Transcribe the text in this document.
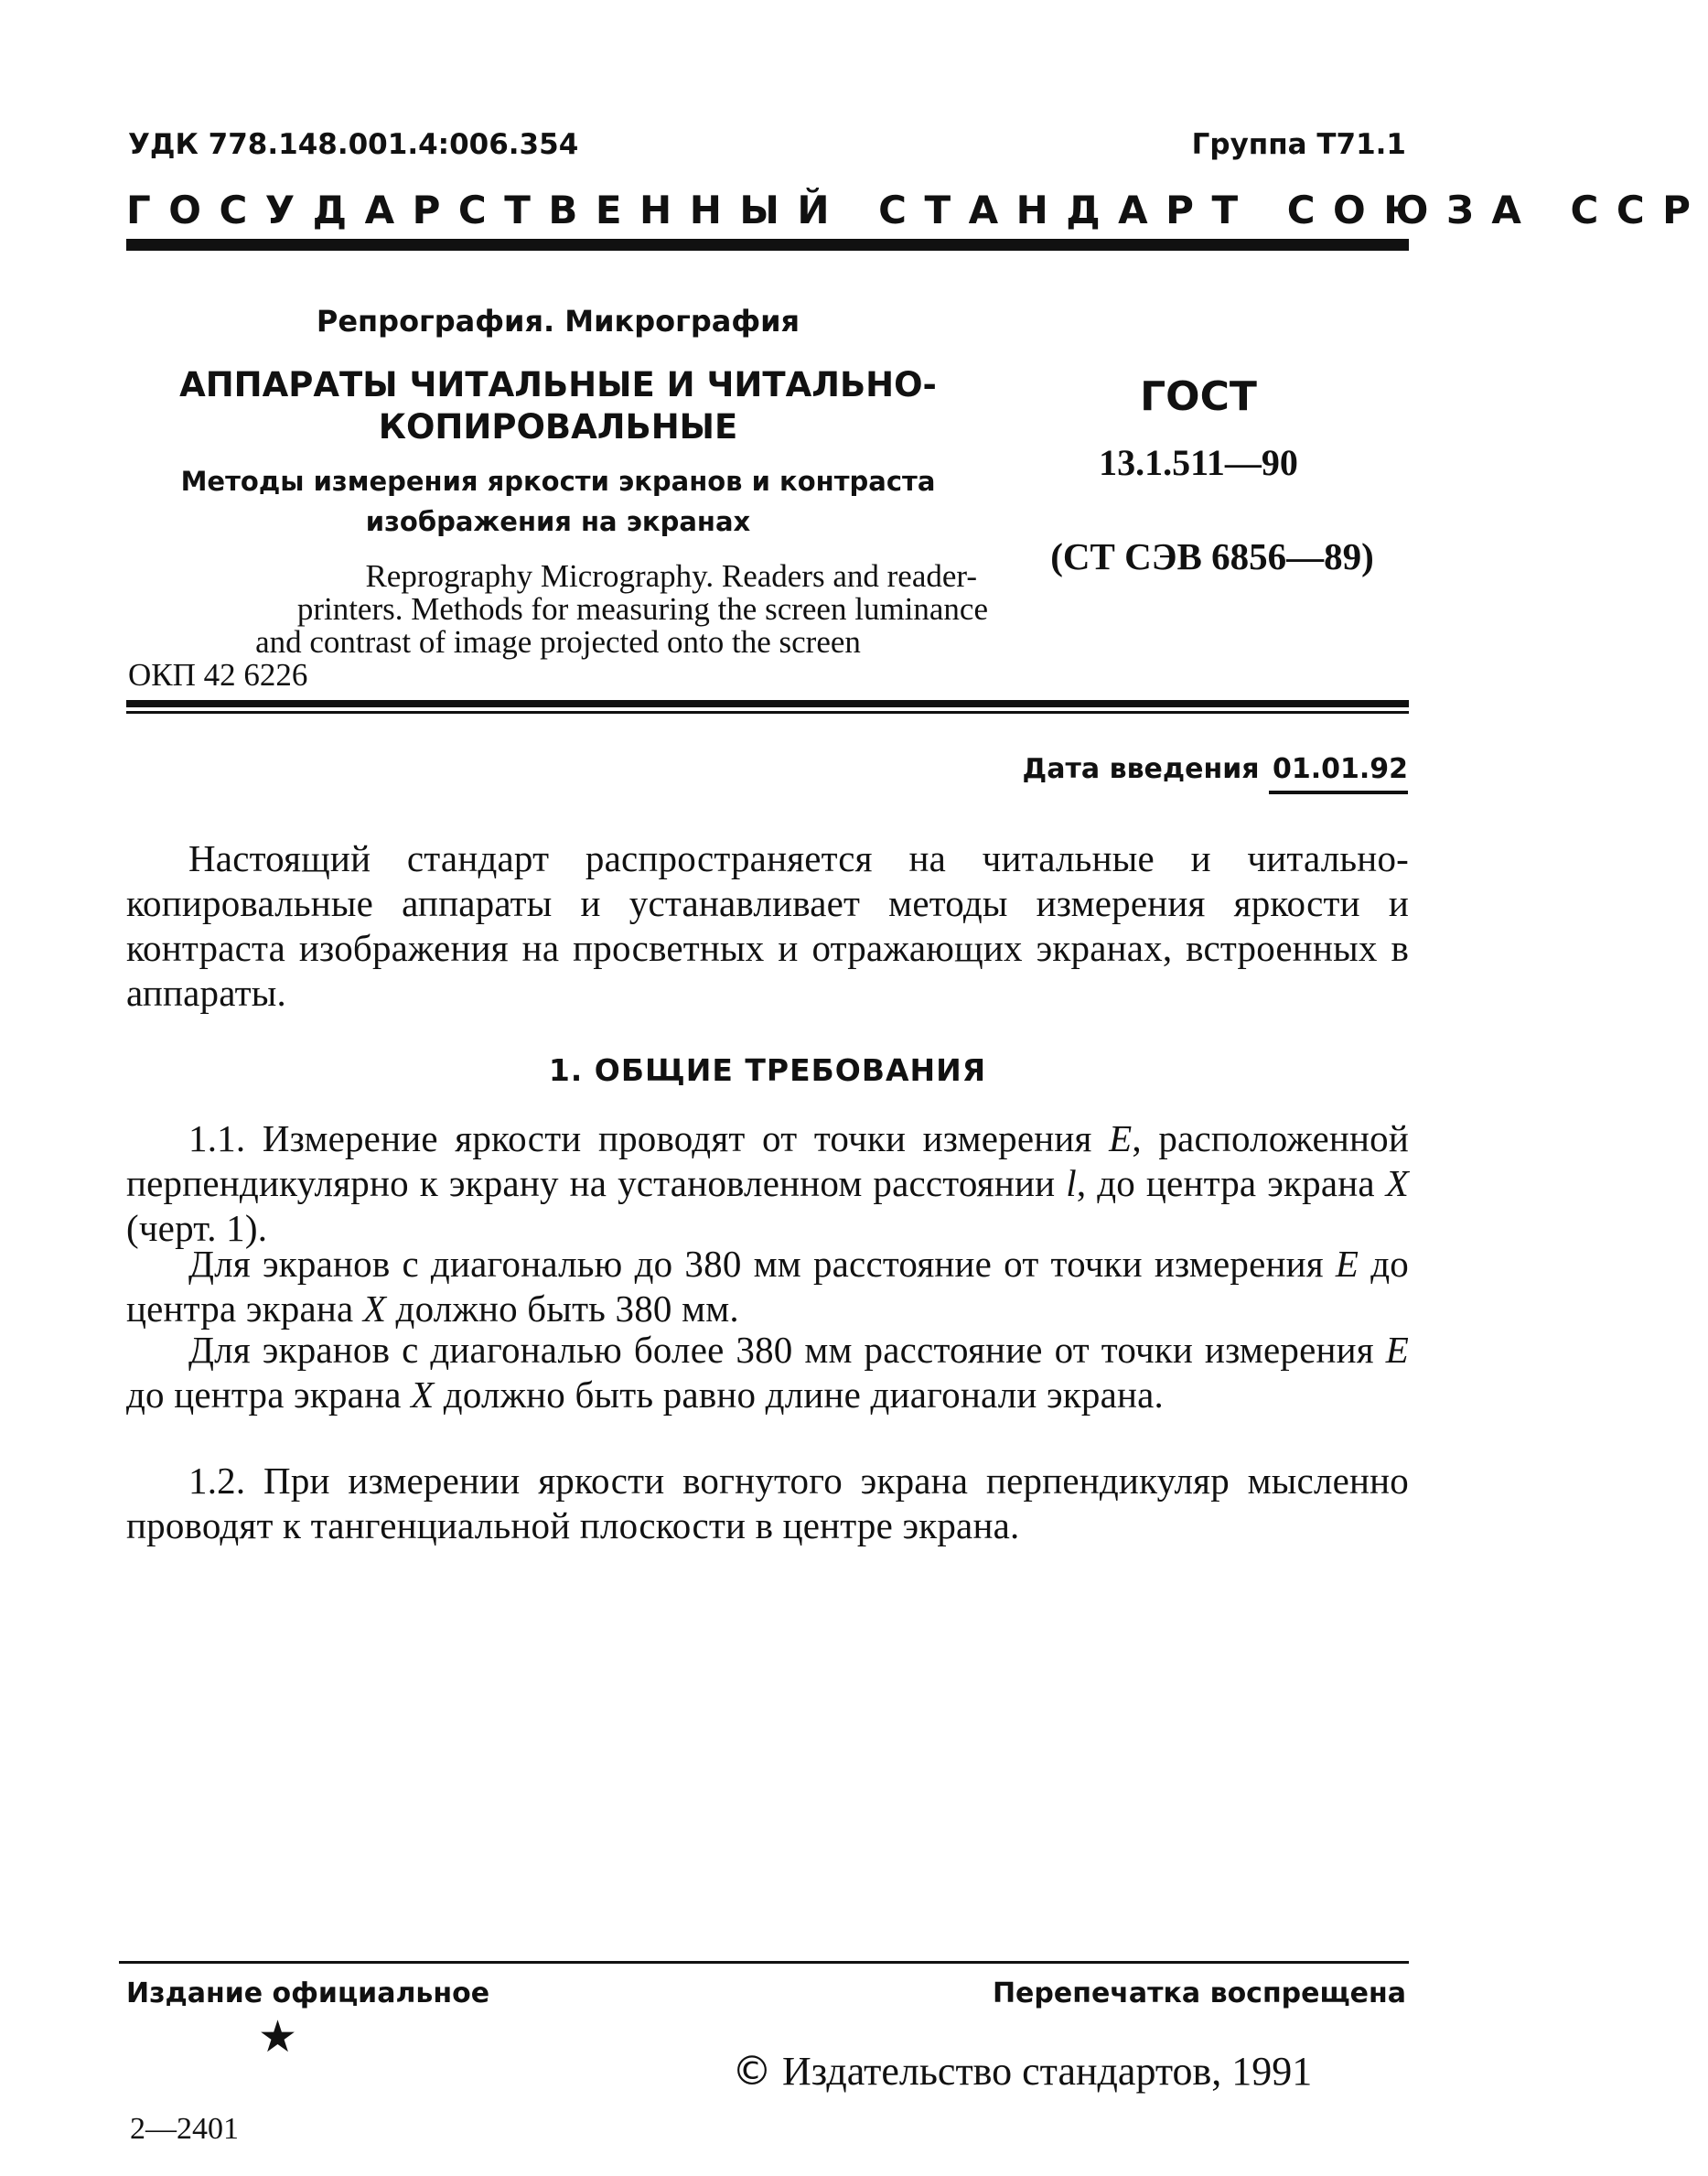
УДК 778.148.001.4:006.354	Группа Т71.1
ГОСУДАРСТВЕННЫЙ СТАНДАРТ СОЮЗА ССР
Репрография. Микрография
АППАРАТЫ ЧИТАЛЬНЫЕ И ЧИТАЛЬНО-
КОПИРОВАЛЬНЫЕ
Методы измерения яркости экранов и контраста
изображения на экранах
Reprography Micrography. Readers and reader-
printers. Methods for measuring the screen luminance
and contrast of image projected onto the screen
ОКП 42 6226
ГОСТ
13.1.511—90
(СТ СЭВ 6856—89)
Дата введения 01.01.92
Настоящий стандарт распространяется на читальные и читально-копировальные аппараты и устанавливает методы измерения яркости и контраста изображения на просветных и отражающих экранах, встроенных в аппараты.
1. ОБЩИЕ ТРЕБОВАНИЯ
1.1. Измерение яркости проводят от точки измерения E, расположенной перпендикулярно к экрану на установленном расстоянии l, до центра экрана X (черт. 1).
Для экранов с диагональю до 380 мм расстояние от точки измерения E до центра экрана X должно быть 380 мм.
Для экранов с диагональю более 380 мм расстояние от точки измерения E до центра экрана X должно быть равно длине диагонали экрана.
1.2. При измерении яркости вогнутого экрана перпендикуляр мысленно проводят к тангенциальной плоскости в центре экрана.
Издание официальное	Перепечатка воспрещена
★
© Издательство стандартов, 1991
2—2401
